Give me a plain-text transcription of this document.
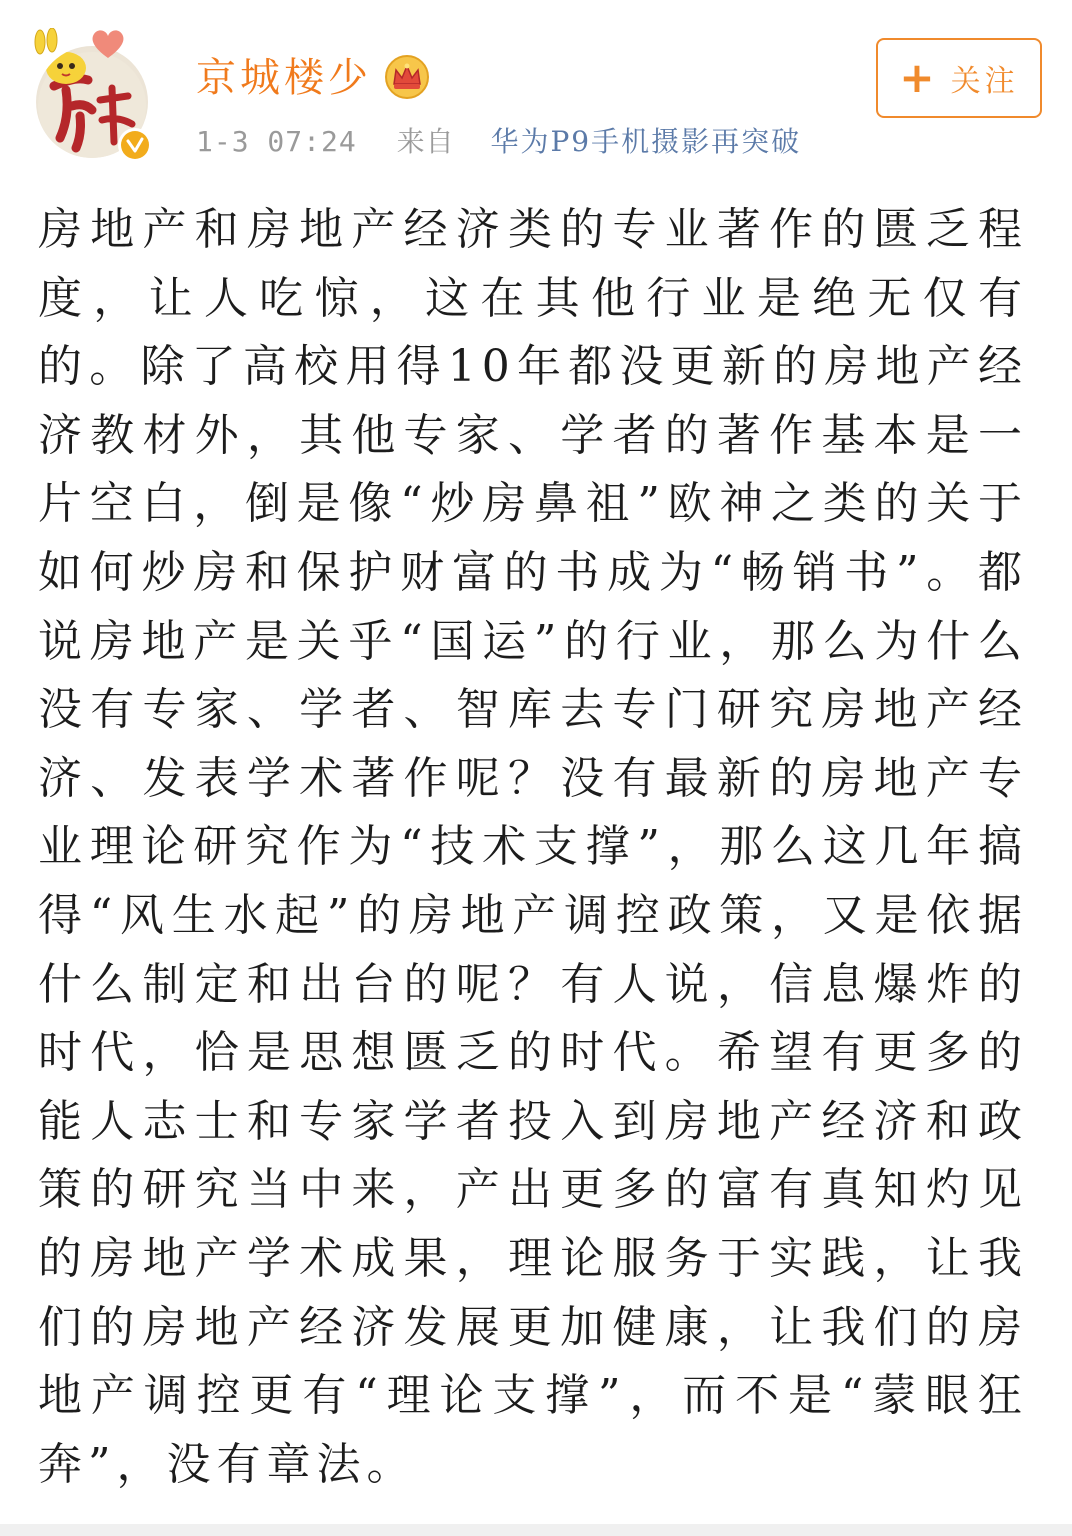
京城楼少
1-3 07:24 来自 华为P9手机摄影再突破
+ 关注
房地产和房地产经济类的专业著作的匮乏程度，让人吃惊，这在其他行业是绝无仅有的。除了高校用得10年都没更新的房地产经济教材外，其他专家、学者的著作基本是一片空白，倒是像“炒房鼻祖”欧神之类的关于如何炒房和保护财富的书成为“畅销书”。都说房地产是关乎“国运”的行业，那么为什么没有专家、学者、智库去专门研究房地产经济、发表学术著作呢？没有最新的房地产专业理论研究作为“技术支撑”，那么这几年搞得“风生水起”的房地产调控政策，又是依据什么制定和出台的呢？有人说，信息爆炸的时代，恰是思想匮乏的时代。希望有更多的能人志士和专家学者投入到房地产经济和政策的研究当中来，产出更多的富有真知灼见的房地产学术成果，理论服务于实践，让我们的房地产经济发展更加健康，让我们的房地产调控更有“理论支撑”，而不是“蒙眼狂奔”，没有章法。
